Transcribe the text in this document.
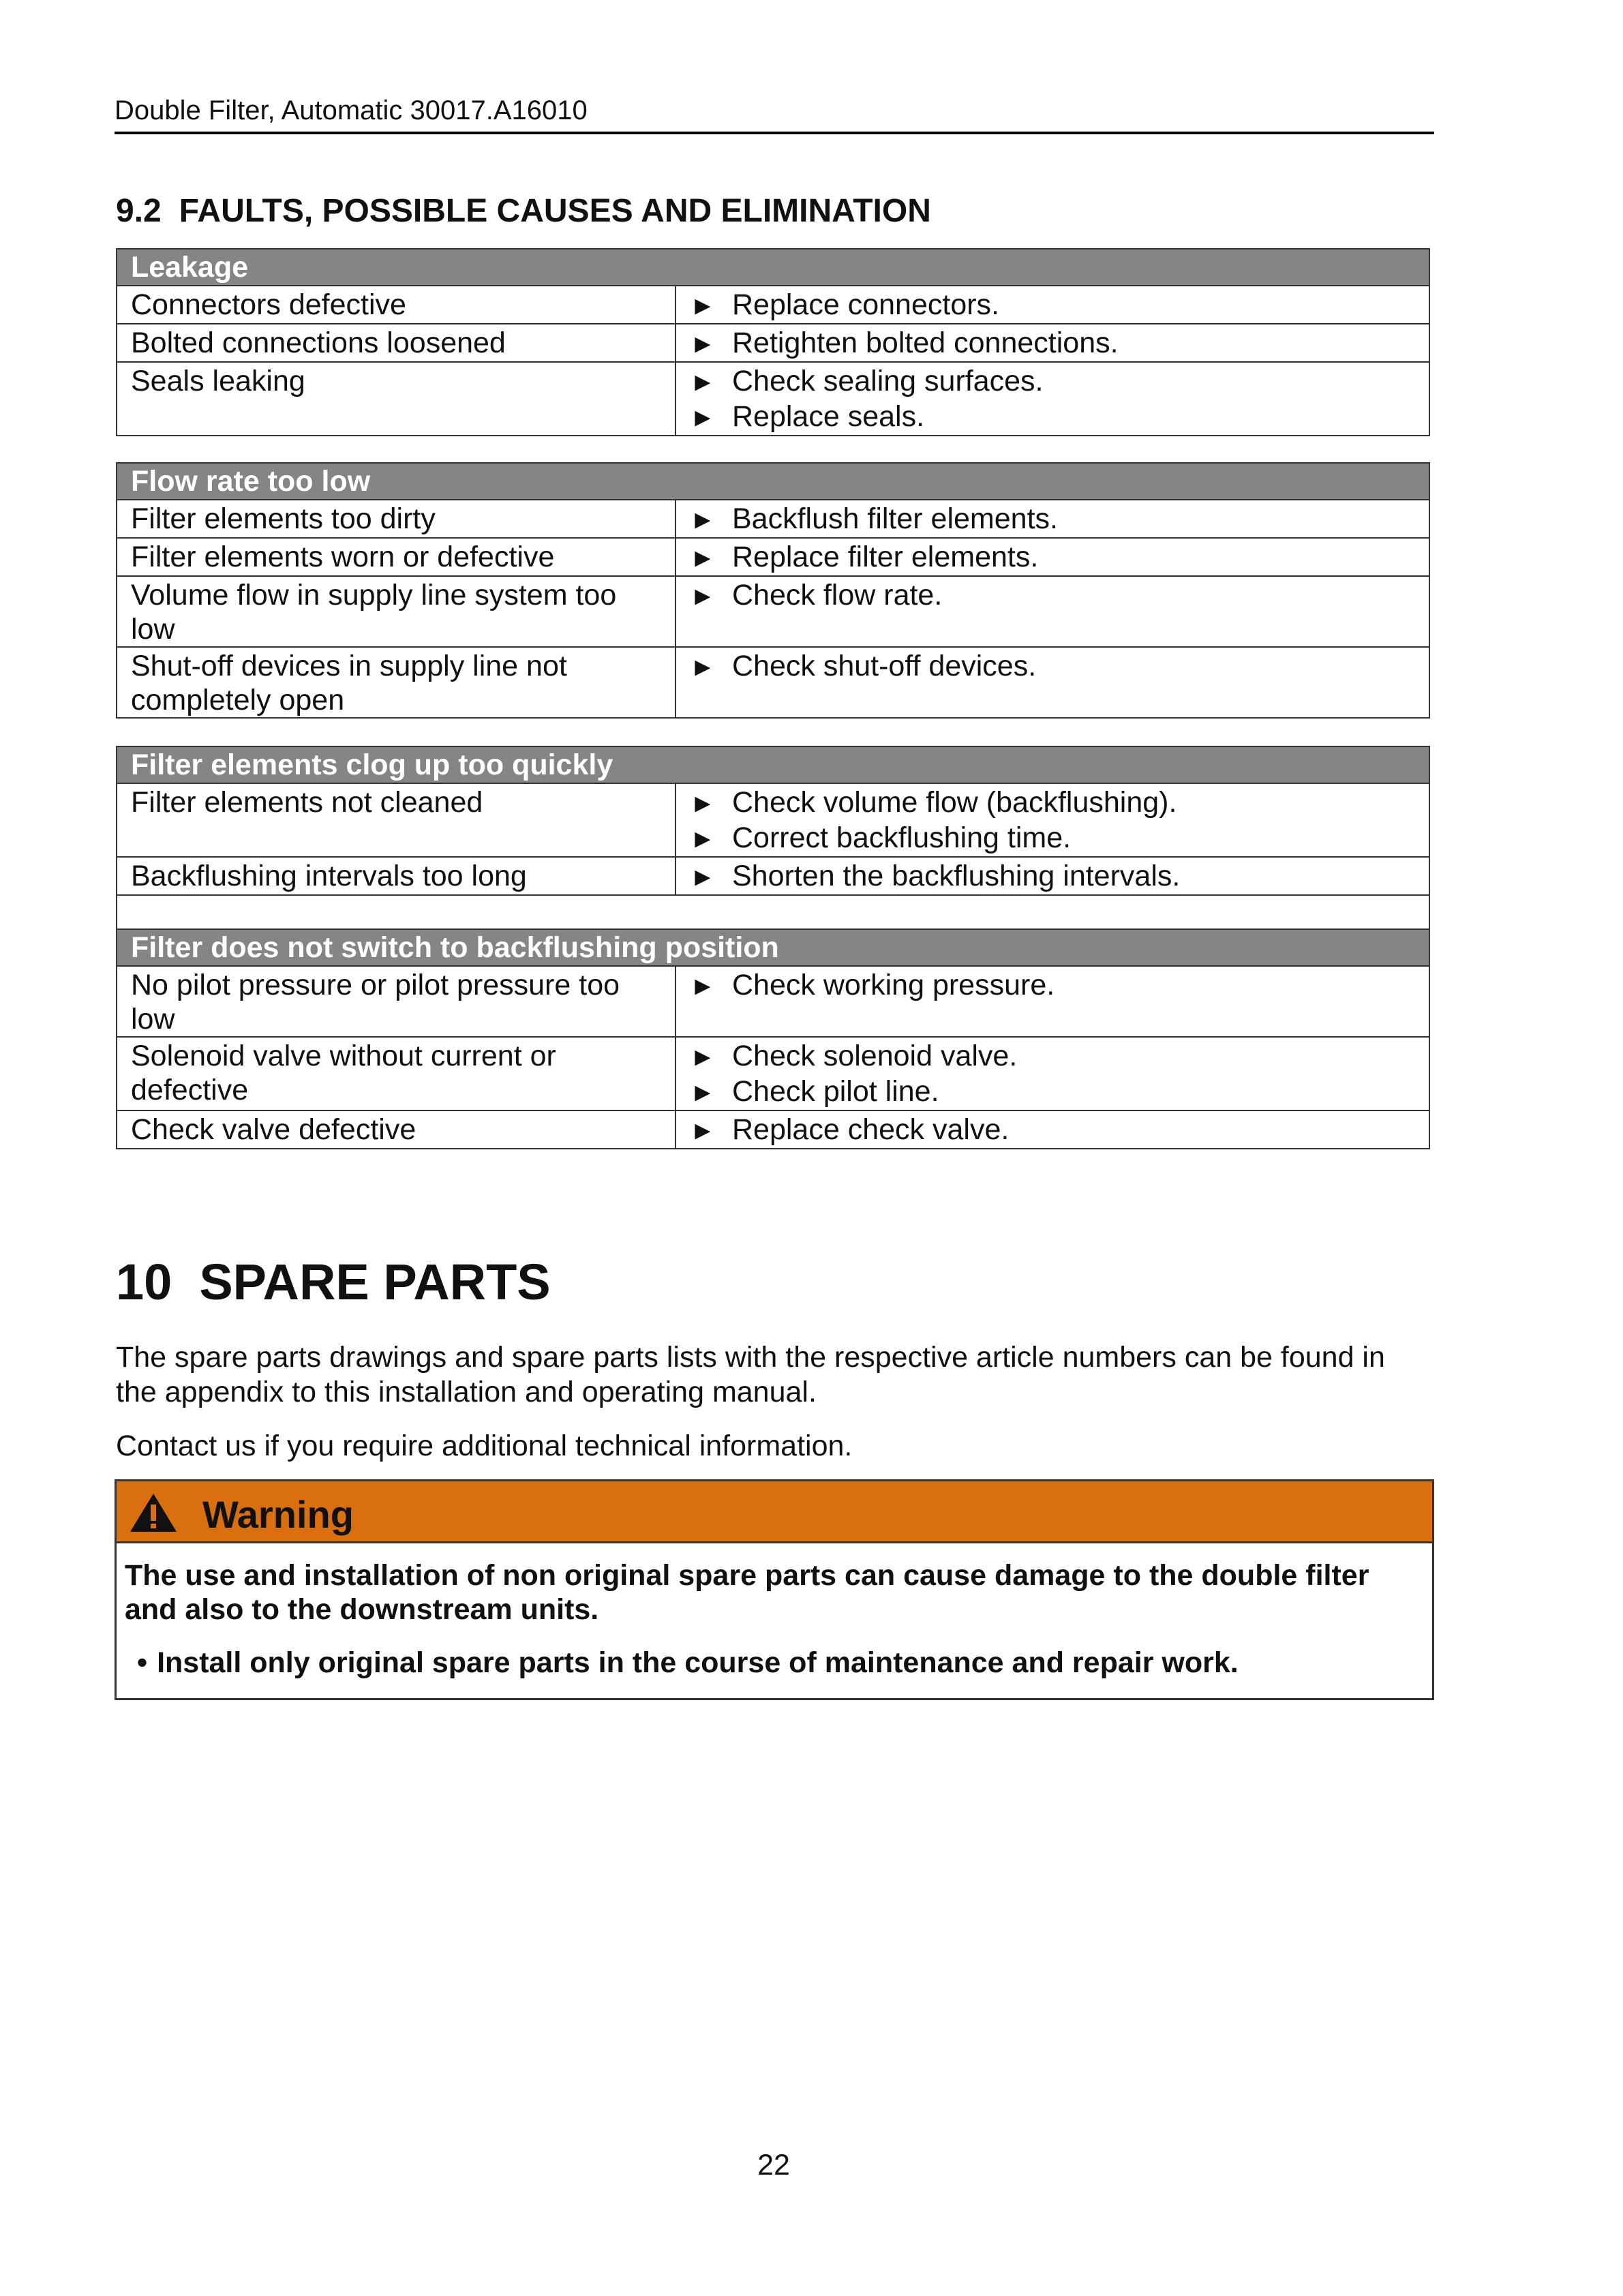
Double Filter, Automatic 30017.A16010
9.2 FAULTS, POSSIBLE CAUSES AND ELIMINATION
Leakage	
Connectors defective	► Replace connectors.

Bolted connections loosened	► Retighten bolted connections.

Seals leaking	► Check sealing surfaces.
► Replace seals.
Flow rate too low	
Filter elements too dirty	► Backflush filter elements.

Filter elements worn or defective	► Replace filter elements.

Volume flow in supply line system too low	► Check flow rate.

Shut-off devices in supply line not completely open	► Check shut-off devices.
Filter elements clog up too quickly	
Filter elements not cleaned	► Check volume flow (backflushing).
► Correct backflushing time.

Backflushing intervals too long	► Shorten the backflushing intervals.

Filter does not switch to backflushing position	
No pilot pressure or pilot pressure too low	► Check working pressure.

Solenoid valve without current or defective	► Check solenoid valve.
► Check pilot line.

Check valve defective	► Replace check valve.
10 SPARE PARTS
The spare parts drawings and spare parts lists with the respective article numbers can be found in the appendix to this installation and operating manual.
Contact us if you require additional technical information.
Warning
The use and installation of non original spare parts can cause damage to the double filter and also to the downstream units.
• Install only original spare parts in the course of maintenance and repair work.
22
